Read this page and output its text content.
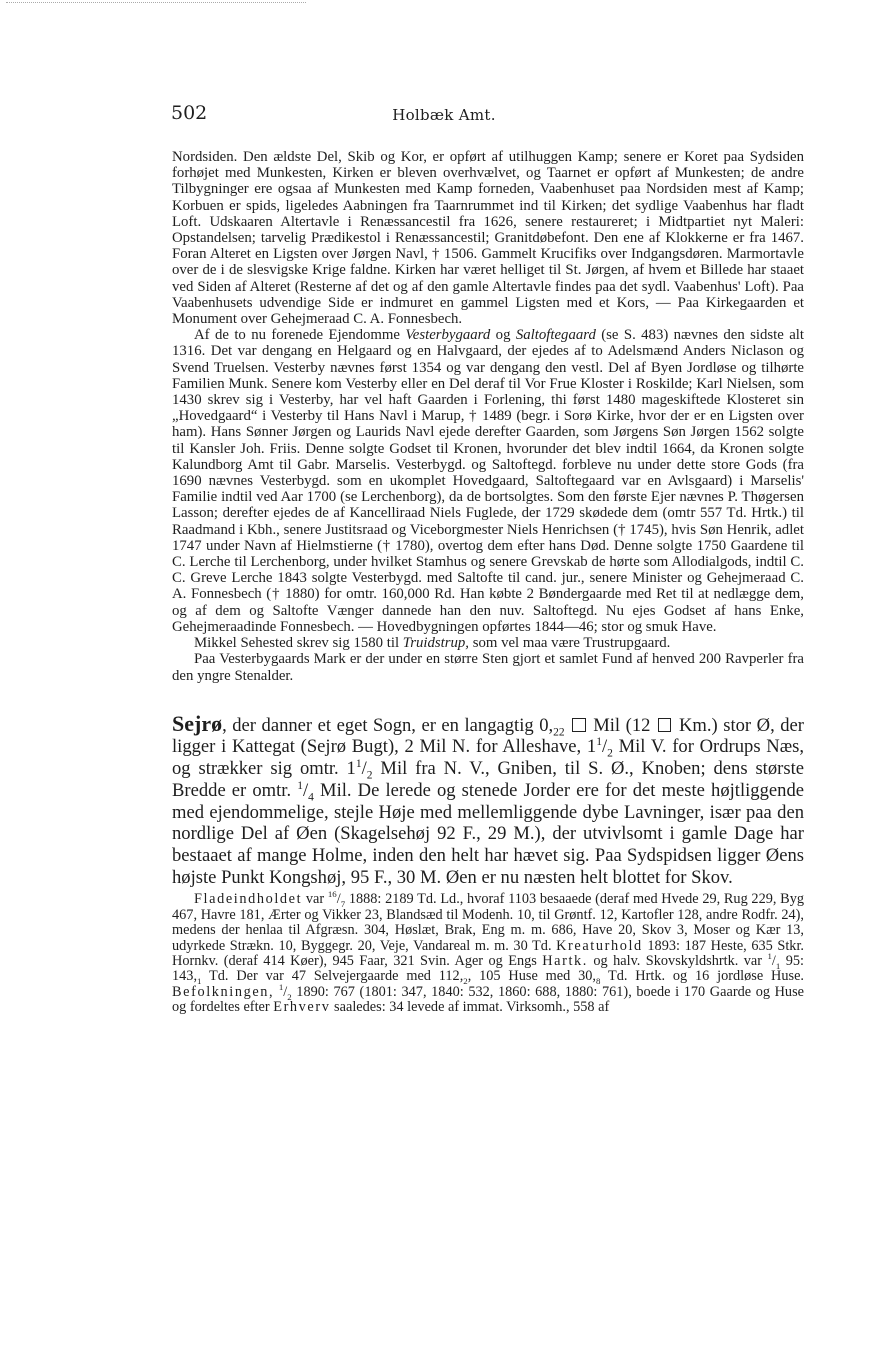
502	Holbæk Amt.

Nordsiden. Den ældste Del, Skib og Kor, er opført af utilhuggen Kamp; senere er Koret paa Sydsiden forhøjet med Munkesten, Kirken er bleven overhvælvet, og Taarnet er opført af Munkesten; de andre Tilbygninger ere ogsaa af Munkesten med Kamp forneden, Vaabenhuset paa Nordsiden mest af Kamp; Korbuen er spids, ligeledes Aabningen fra Taarnrummet ind til Kirken; det sydlige Vaabenhus har fladt Loft. Udskaaren Altertavle i Renæssancestil fra 1626, senere restaureret; i Midtpartiet nyt Maleri: Opstandelsen; tarvelig Prædikestol i Renæssancestil; Granitdøbefont. Den ene af Klokkerne er fra 1467. Foran Alteret en Ligsten over Jørgen Navl, † 1506. Gammelt Krucifiks over Indgangsdøren. Marmortavle over de i de slesvigske Krige faldne. Kirken har været helliget til St. Jørgen, af hvem et Billede har staaet ved Siden af Alteret (Resterne af det og af den gamle Altertavle findes paa det sydl. Vaabenhus' Loft). Paa Vaabenhusets udvendige Side er indmuret en gammel Ligsten med et Kors, — Paa Kirkegaarden et Monument over Gehejmeraad C. A. Fonnesbech.

Af de to nu forenede Ejendomme Vesterbygaard og Saltoftegaard (se S. 483) nævnes den sidste alt 1316. Det var dengang en Helgaard og en Halvgaard, der ejedes af to Adelsmænd Anders Niclason og Svend Truelsen. Vesterby nævnes først 1354 og var dengang den vestl. Del af Byen Jordløse og tilhørte Familien Munk. Senere kom Vesterby eller en Del deraf til Vor Frue Kloster i Roskilde; Karl Nielsen, som 1430 skrev sig i Vesterby, har vel haft Gaarden i Forlening, thi først 1480 mageskiftede Klosteret sin „Hovedgaard“ i Vesterby til Hans Navl i Marup, † 1489 (begr. i Sorø Kirke, hvor der er en Ligsten over ham). Hans Sønner Jørgen og Laurids Navl ejede derefter Gaarden, som Jørgens Søn Jørgen 1562 solgte til Kansler Joh. Friis. Denne solgte Godset til Kronen, hvorunder det blev indtil 1664, da Kronen solgte Kalundborg Amt til Gabr. Marselis. Vesterbygd. og Saltoftegd. forbleve nu under dette store Gods (fra 1690 nævnes Vesterbygd. som en ukomplet Hovedgaard, Saltoftegaard var en Avlsgaard) i Marselis' Familie indtil ved Aar 1700 (se Lerchenborg), da de bortsolgtes. Som den første Ejer nævnes P. Thøgersen Lasson; derefter ejedes de af Kancelliraad Niels Fuglede, der 1729 skødede dem (omtr 557 Td. Hrtk.) til Raadmand i Kbh., senere Justitsraad og Viceborgmester Niels Henrichsen († 1745), hvis Søn Henrik, adlet 1747 under Navn af Hielmstierne († 1780), overtog dem efter hans Død. Denne solgte 1750 Gaardene til C. Lerche til Lerchenborg, under hvilket Stamhus og senere Grevskab de hørte som Allodialgods, indtil C. C. Greve Lerche 1843 solgte Vesterbygd. med Saltofte til cand. jur., senere Minister og Gehejmeraad C. A. Fonnesbech († 1880) for omtr. 160,000 Rd. Han købte 2 Bøndergaarde med Ret til at nedlægge dem, og af dem og Saltofte Vænger dannede han den nuv. Saltoftegd. Nu ejes Godset af hans Enke, Gehejmeraadinde Fonnesbech. — Hovedbygningen opførtes 1844—46; stor og smuk Have.

Mikkel Sehested skrev sig 1580 til Truidstrup, som vel maa være Trustrupgaard.

Paa Vesterbygaards Mark er der under en større Sten gjort et samlet Fund af henved 200 Ravperler fra den yngre Stenalder.

Sejrø, der danner et eget Sogn, er en langagtig $0,_{22}$  Mil (12  Km.) stor Ø, der ligger i Kattegat (Sejrø Bugt), 2 Mil N. for Alleshave, $1^1/_2$ Mil V. for Ordrups Næs, og strækker sig omtr. $1^1/_2$ Mil fra N. V., Gniben, til S. Ø., Knoben; dens største Bredde er omtr. $^1/_4$ Mil. De lerede og stenede Jorder ere for det meste højtliggende med ejendommelige, stejle Høje med mellemliggende dybe Lavninger, især paa den nordlige Del af Øen (Skagelsehøj 92 F., 29 M.), der utvivlsomt i gamle Dage har bestaaet af mange Holme, inden den helt har hævet sig. Paa Sydspidsen ligger Øens højste Punkt Kongshøj, 95 F., 30 M. Øen er nu næsten helt blottet for Skov.

Fladeindholdet var $^{16}/_7$ 1888: 2189 Td. Ld., hvoraf 1103 besaaede (deraf med Hvede 29, Rug 229, Byg 467, Havre 181, Ærter og Vikker 23, Blandsæd til Modenh. 10, til Grøntf. 12, Kartofler 128, andre Rodfr. 24), medens der henlaa til Afgræsn. 304, Høslæt, Brak, Eng m. m. 686, Have 20, Skov 3, Moser og Kær 13, udyrkede Strækn. 10, Byggegr. 20, Veje, Vandareal m. m. 30 Td. Kreaturhold 1893: 187 Heste, 635 Stkr. Hornkv. (deraf 414 Køer), 945 Faar, 321 Svin. Ager og Engs Hartk. og halv. Skovskyldshrtk. var $^1/_1$ 95: $143,_1$ Td. Der var 47 Selvejergaarde med $112,_2$, 105 Huse med $30,_8$ Td. Hrtk. og 16 jordløse Huse. Befolkningen, $^1/_2$ 1890: 767 (1801: 347, 1840: 532, 1860: 688, 1880: 761), boede i 170 Gaarde og Huse og fordeltes efter Erhverv saaledes: 34 levede af immat. Virksomh., 558 af
